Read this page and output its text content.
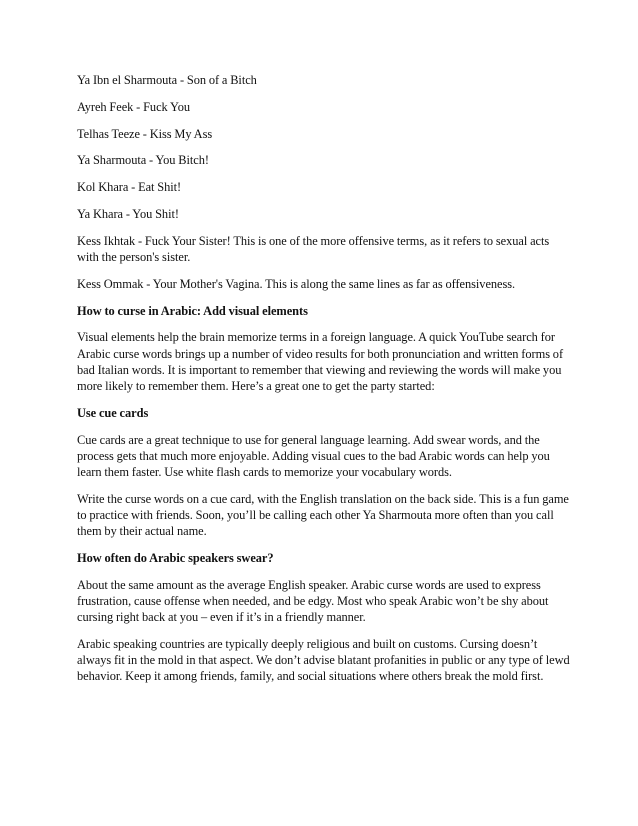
Ya Ibn el Sharmouta - Son of a Bitch

Ayreh Feek - Fuck You

Telhas Teeze - Kiss My Ass

Ya Sharmouta - You Bitch!

Kol Khara - Eat Shit!

Ya Khara - You Shit!

Kess Ikhtak - Fuck Your Sister! This is one of the more offensive terms, as it refers to sexual acts with the person's sister.

Kess Ommak - Your Mother's Vagina. This is along the same lines as far as offensiveness.

How to curse in Arabic: Add visual elements

Visual elements help the brain memorize terms in a foreign language. A quick YouTube search for Arabic curse words brings up a number of video results for both pronunciation and written forms of bad Italian words. It is important to remember that viewing and reviewing the words will make you more likely to remember them. Here’s a great one to get the party started:

Use cue cards

Cue cards are a great technique to use for general language learning. Add swear words, and the process gets that much more enjoyable. Adding visual cues to the bad Arabic words can help you learn them faster. Use white flash cards to memorize your vocabulary words.

Write the curse words on a cue card, with the English translation on the back side. This is a fun game to practice with friends. Soon, you’ll be calling each other Ya Sharmouta more often than you call them by their actual name.

How often do Arabic speakers swear?

About the same amount as the average English speaker. Arabic curse words are used to express frustration, cause offense when needed, and be edgy. Most who speak Arabic won’t be shy about cursing right back at you – even if it’s in a friendly manner.

Arabic speaking countries are typically deeply religious and built on customs. Cursing doesn’t always fit in the mold in that aspect. We don’t advise blatant profanities in public or any type of lewd behavior. Keep it among friends, family, and social situations where others break the mold first.
